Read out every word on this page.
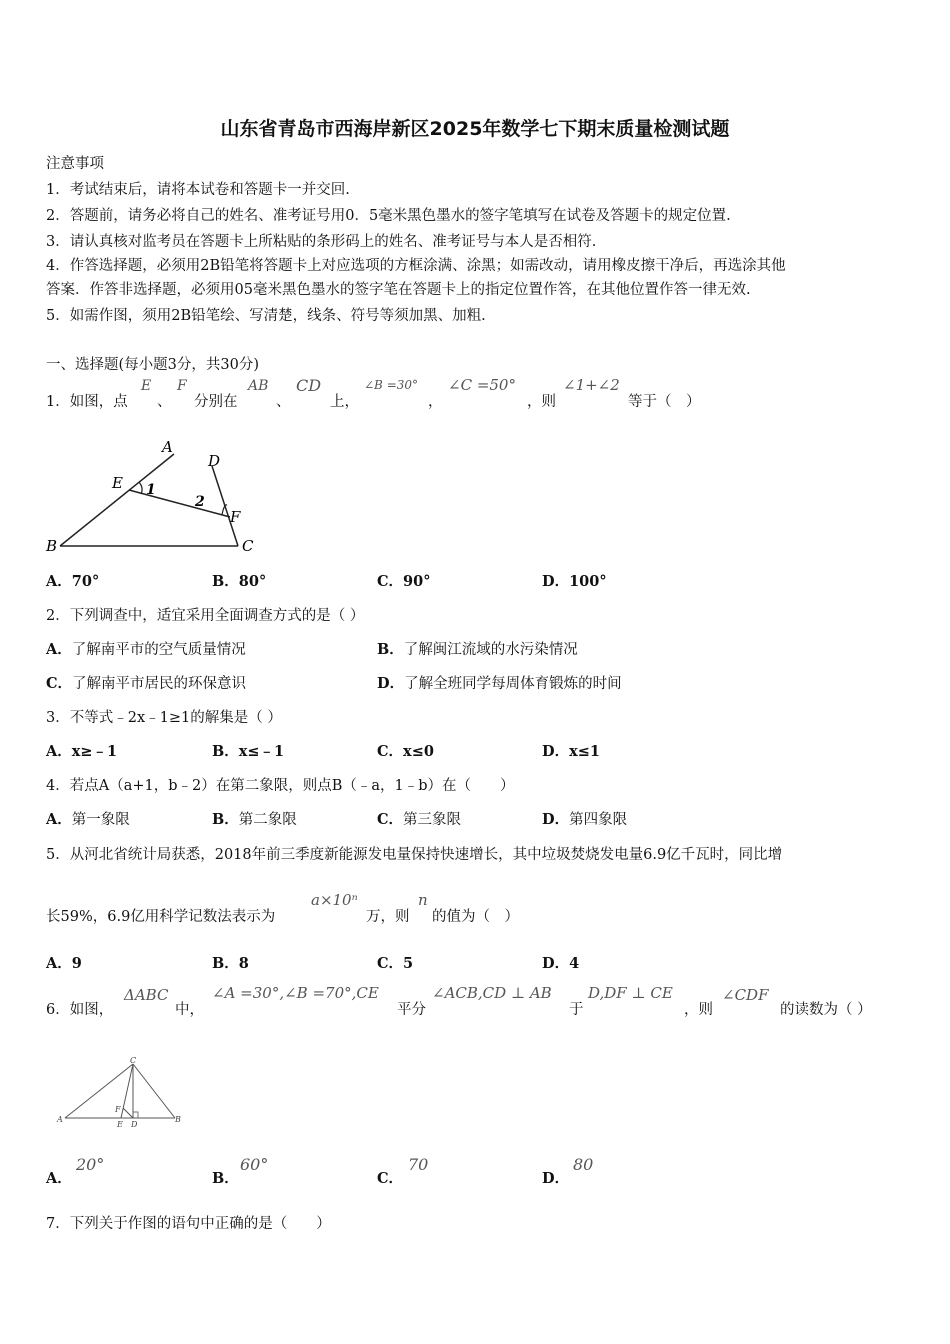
山东省青岛市西海岸新区2025年数学七下期末质量检测试题
注意事项
1．考试结束后，请将本试卷和答题卡一并交回.
2．答题前，请务必将自己的姓名、准考证号用0．5毫米黑色墨水的签字笔填写在试卷及答题卡的规定位置.
3．请认真核对监考员在答题卡上所粘贴的条形码上的姓名、准考证号与本人是否相符.
4．作答选择题，必须用2B铅笔将答题卡上对应选项的方框涂满、涂黑；如需改动，请用橡皮擦干净后，再选涂其他
答案．作答非选择题，必须用05毫米黑色墨水的签字笔在答题卡上的指定位置作答，在其他位置作答一律无效.
5．如需作图，须用2B铅笔绘、写清楚，线条、符号等须加黑、加粗.
一、选择题(每小题3分，共30分)
1．如图，点
E
、
F
分别在
AB
、
CD
上，
∠B =30°
，
∠C =50°
，则
∠1+∠2
等于（　）
A
B	C
D
E
F
1
2
A．70°	B．80°	C．90°	D．100°
2．下列调查中，适宜采用全面调查方式的是（ ）
A．了解南平市的空气质量情况	B．了解闽江流域的水污染情况
C．了解南平市居民的环保意识	D．了解全班同学每周体育锻炼的时间
3．不等式﹣2x﹣1≥1的解集是（ ）
A．x≥﹣1	B．x≤﹣1	C．x≤0	D．x≤1
4．若点A（a+1，b﹣2）在第二象限，则点B（﹣a，1﹣b）在（　　）
A．第一象限	B．第二象限	C．第三象限	D．第四象限
5．从河北省统计局获悉，2018年前三季度新能源发电量保持快速增长，其中垃圾焚烧发电量6.9亿千瓦时，同比增
长59%，6.9亿用科学记数法表示为
a×10ⁿ
万，则
n
的值为（　）
A．9	B．8	C．5	D．4
6．如图，
ΔABC
中，
∠A =30°,∠B =70°,CE
平分
∠ACB,CD ⊥ AB
于
D,DF ⊥ CE
，则
∠CDF
的读数为（ ）
A	B
C
D
E
F
A．
20°
B．
60°
C．
70
D．
80
7．下列关于作图的语句中正确的是（　　）
